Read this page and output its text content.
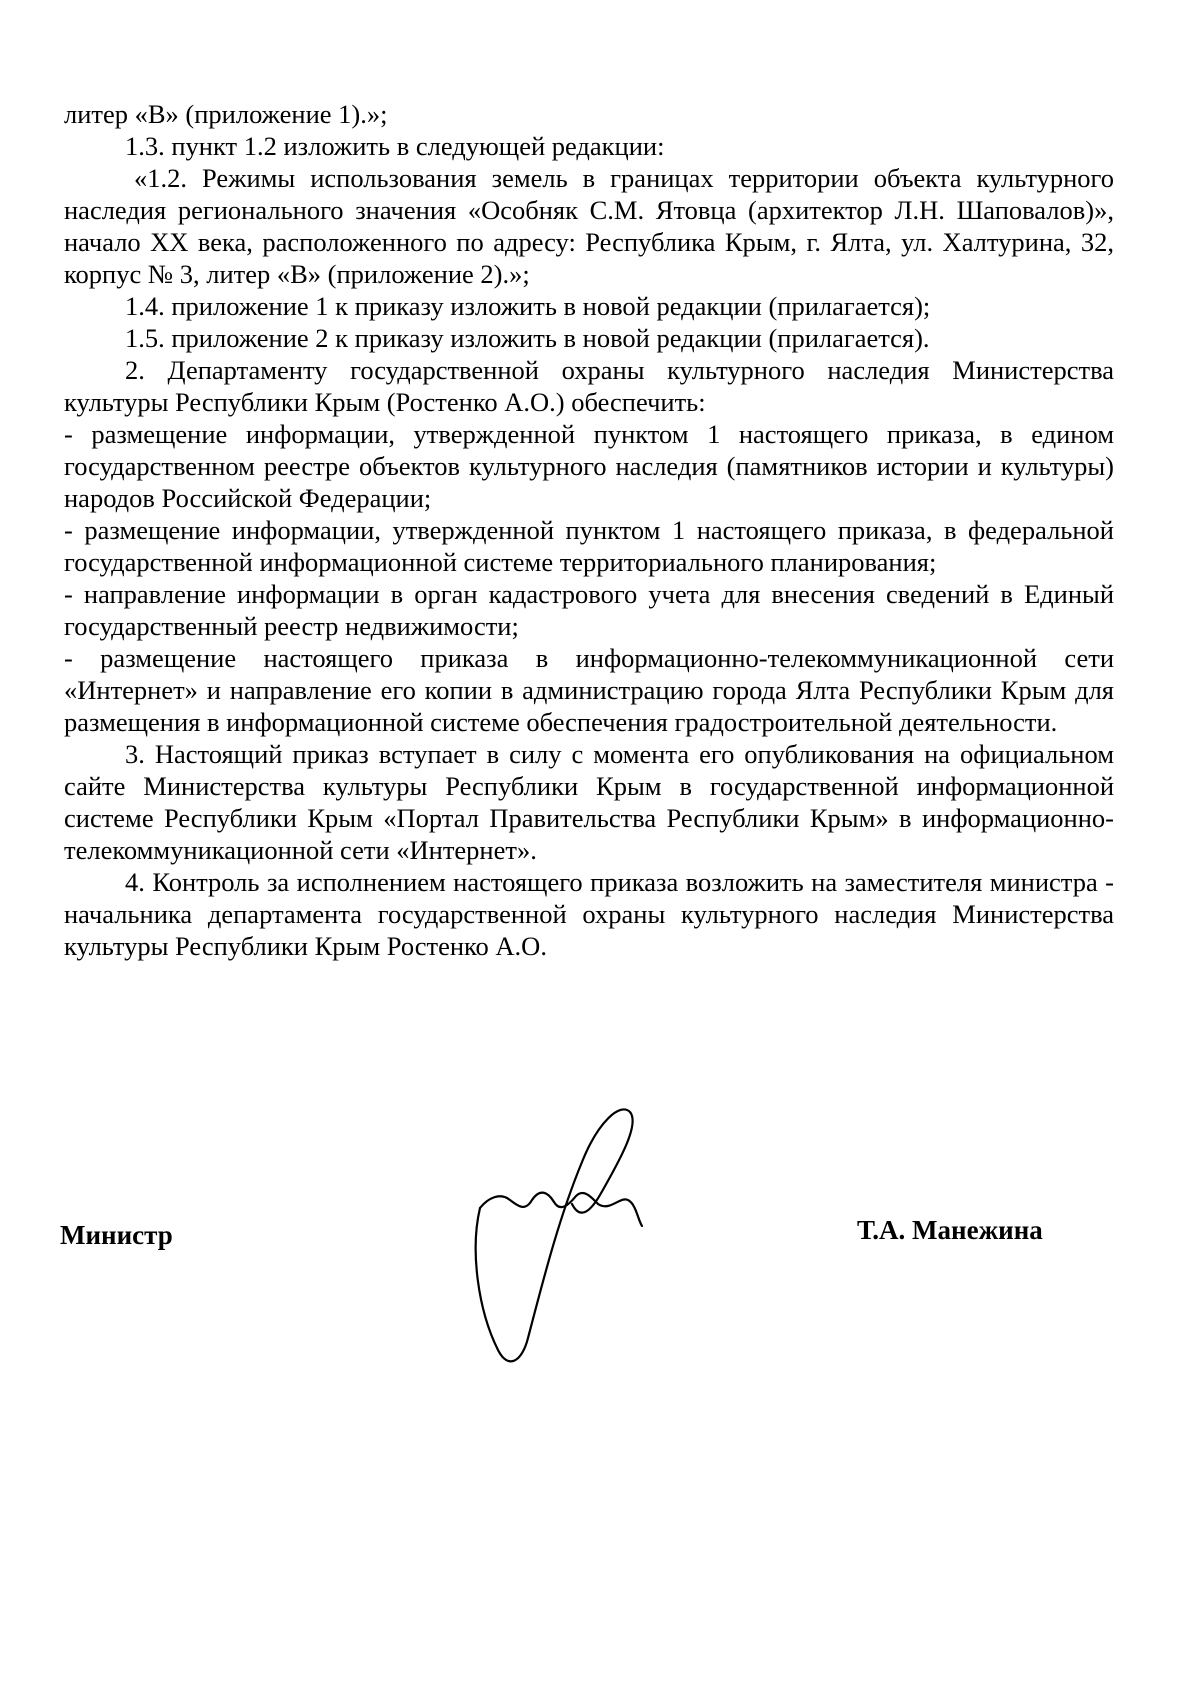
литер «В» (приложение 1).»;

1.3. пункт 1.2 изложить в следующей редакции:

«1.2. Режимы использования земель в границах территории объекта культурного наследия регионального значения «Особняк С.М. Ятовца (архитектор Л.Н. Шаповалов)», начало XX века, расположенного по адресу: Республика Крым, г. Ялта, ул. Халтурина, 32, корпус № 3, литер «В» (приложение 2).»;

1.4. приложение 1 к приказу изложить в новой редакции (прилагается);

1.5. приложение 2 к приказу изложить в новой редакции (прилагается).

2. Департаменту государственной охраны культурного наследия Министерства культуры Республики Крым (Ростенко А.О.) обеспечить:

- размещение информации, утвержденной пунктом 1 настоящего приказа, в едином государственном реестре объектов культурного наследия (памятников истории и культуры) народов Российской Федерации;

- размещение информации, утвержденной пунктом 1 настоящего приказа, в федеральной государственной информационной системе территориального планирования;

- направление информации в орган кадастрового учета для внесения сведений в Единый государственный реестр недвижимости;

- размещение настоящего приказа в информационно-телекоммуникационной сети «Интернет» и направление его копии в администрацию города Ялта Республики Крым для размещения в информационной системе обеспечения градостроительной деятельности.

3. Настоящий приказ вступает в силу с момента его опубликования на официальном сайте Министерства культуры Республики Крым в государственной информационной системе Республики Крым «Портал Правительства Республики Крым» в информационно-телекоммуникационной сети «Интернет».

4. Контроль за исполнением настоящего приказа возложить на заместителя министра - начальника департамента государственной охраны культурного наследия Министерства культуры Республики Крым Ростенко А.О.

Министр	Т.А. Манежина
